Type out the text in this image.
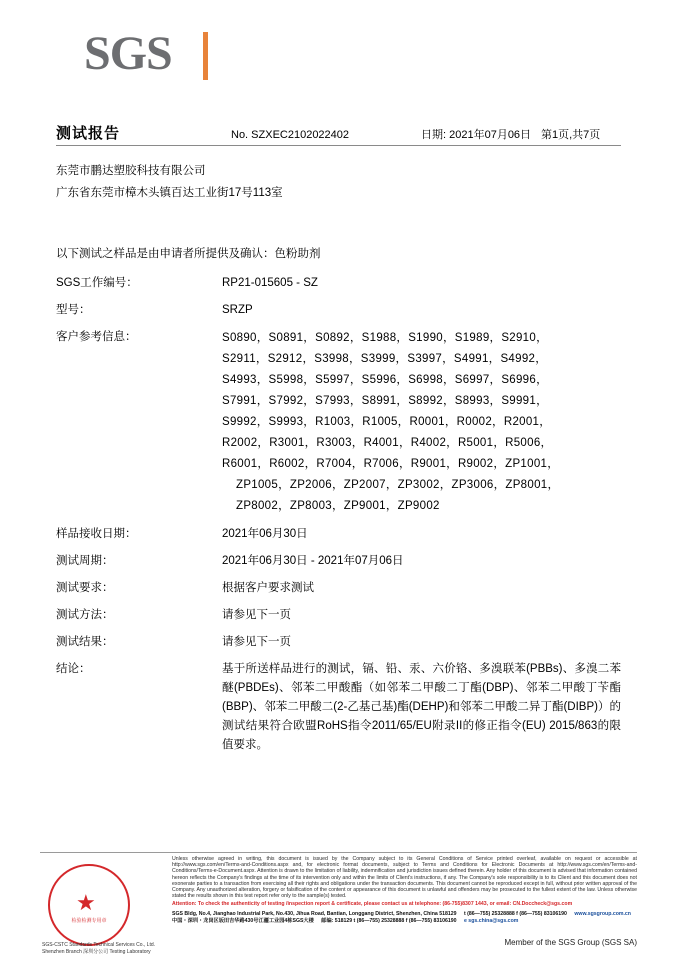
SGS
测试报告	No. SZXEC2102022402	日期: 2021年07月06日 第1页,共7页
东莞市鹏达塑胶科技有限公司
广东省东莞市樟木头镇百达工业街17号113室
以下测试之样品是由申请者所提供及确认：色粉助剂
SGS工作编号：	RP21-015605 - SZ
型号：	SRZP
客户参考信息：	S0890，S0891，S0892，S1988，S1990，S1989，S2910，
S2911，S2912，S3998，S3999，S3997，S4991，S4992，
S4993，S5998，S5997，S5996，S6998，S6997，S6996，
S7991，S7992，S7993，S8991，S8992，S8993，S9991，
S9992，S9993，R1003，R1005，R0001，R0002，R2001，
R2002，R3001，R3003，R4001，R4002，R5001，R5006，
R6001，R6002，R7004，R7006，R9001，R9002，ZP1001，
ZP1005，ZP2006，ZP2007，ZP3002，ZP3006，ZP8001，
ZP8002，ZP8003，ZP9001，ZP9002

样品接收日期：	2021年06月30日
测试周期：	2021年06月30日 - 2021年07月06日
测试要求：	根据客户要求测试
测试方法：	请参见下一页
测试结果：	请参见下一页
结论：	基于所送样品进行的测试，镉、铅、汞、六价铬、多溴联苯(PBBs)、多溴二苯醚(PBDEs)、邻苯二甲酸酯（如邻苯二甲酸二丁酯(DBP)、邻苯二甲酸丁苄酯(BBP)、邻苯二甲酸二(2-乙基己基)酯(DEHP)和邻苯二甲酸二异丁酯(DIBP)）的测试结果符合欧盟RoHS指令2011/65/EU附录II的修正指令(EU) 2015/863的限值要求。
★
检验检测专用章
SGS-CSTC Standards Technical Services Co., Ltd.
Shenzhen Branch 深圳分公司 Testing Laboratory
Unless otherwise agreed in writing, this document is issued by the Company subject to its General Conditions of Service printed overleaf, available on request or accessible at http://www.sgs.com/en/Terms-and-Conditions.aspx and, for electronic format documents, subject to Terms and Conditions for Electronic Documents at http://www.sgs.com/en/Terms-and-Conditions/Terms-e-Document.aspx. Attention is drawn to the limitation of liability, indemnification and jurisdiction issues defined therein. Any holder of this document is advised that information contained hereon reflects the Company's findings at the time of its intervention only and within the limits of Client's instructions, if any. The Company's sole responsibility is to its Client and this document does not exonerate parties to a transaction from exercising all their rights and obligations under the transaction documents. This document cannot be reproduced except in full, without prior written approval of the Company. Any unauthorized alteration, forgery or falsification of the content or appearance of this document is unlawful and offenders may be prosecuted to the fullest extent of the law. Unless otherwise stated the results shown in this test report refer only to the sample(s) tested.
Attention: To check the authenticity of testing /inspection report & certificate, please contact us at telephone: (86-755)8307 1443, or email: CN.Doccheck@sgs.com
SGS Bldg, No.4, Jianghao Industrial Park, No.430, Jihua Road, Bantian, Longgang District, Shenzhen, China 518129 t (86—755) 25328888 f (86—755) 83106190 www.sgsgroup.com.cn
中国・深圳・龙岗区坂田吉华路430号江疆工业园4栋SGS大楼 邮编: 518129 t (86—755) 25328888 f (86—755) 83106190 e sgs.china@sgs.com
Member of the SGS Group (SGS SA)
